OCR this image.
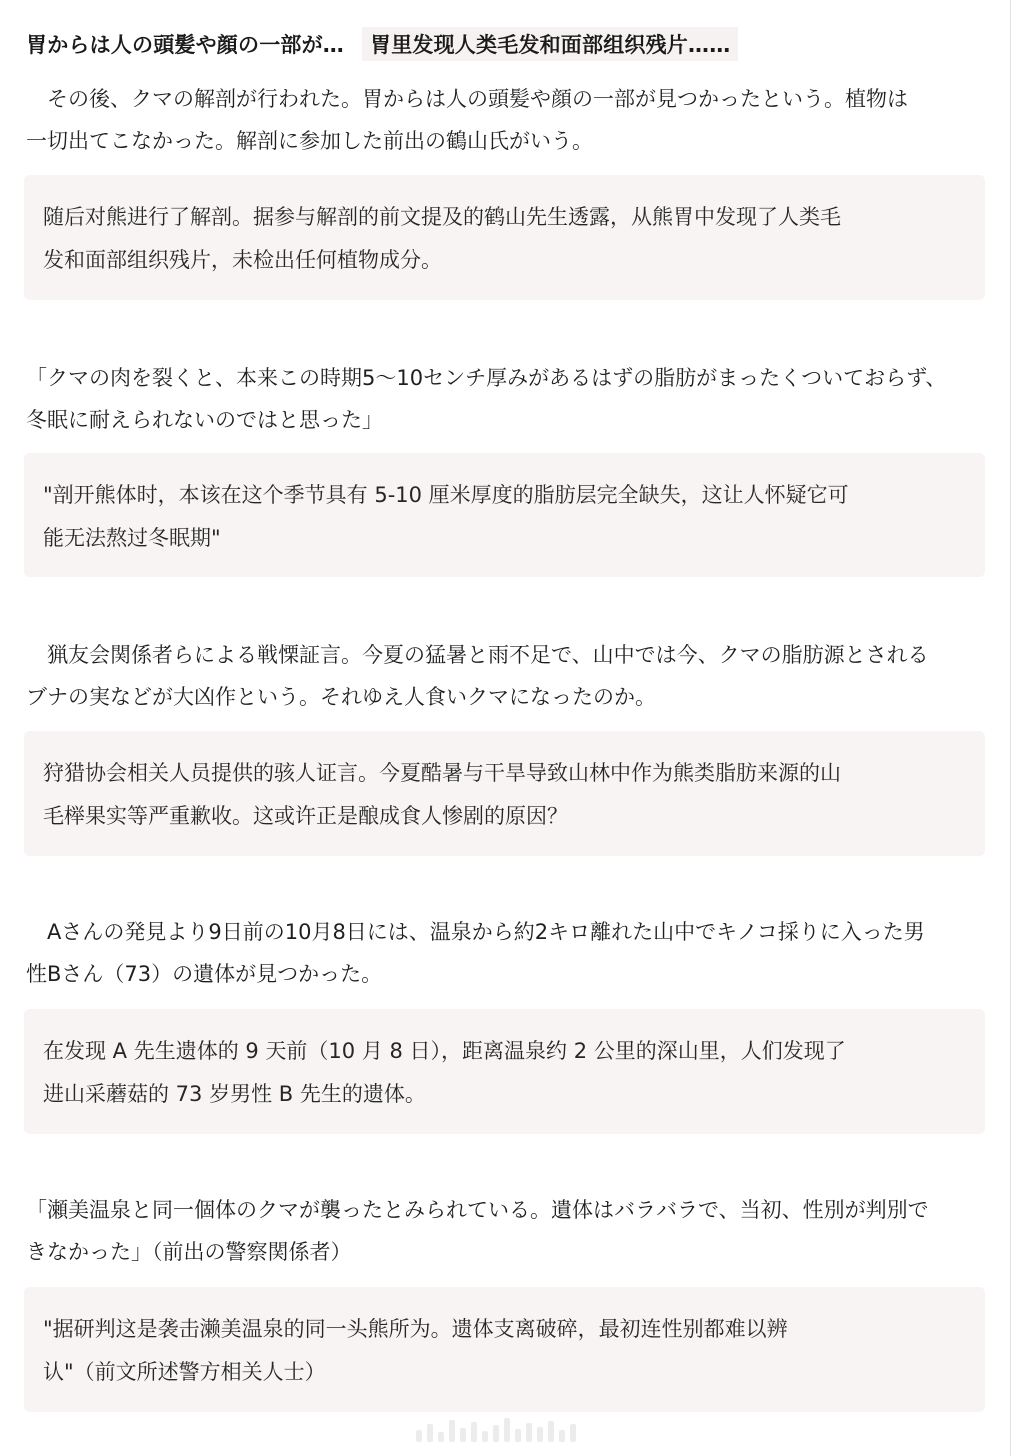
胃からは人の頭髪や顔の一部が…	胃里发现人类毛发和面部组织残片……
　その後、クマの解剖が行われた。胃からは人の頭髪や顔の一部が見つかったという。植物は
一切出てこなかった。解剖に参加した前出の鶴山氏がいう。
随后对熊进行了解剖。据参与解剖的前文提及的鹤山先生透露，从熊胃中发现了人类毛
发和面部组织残片，未检出任何植物成分。
「クマの肉を裂くと、本来この時期5～10センチ厚みがあるはずの脂肪がまったくついておらず、
冬眠に耐えられないのではと思った」
"剖开熊体时，本该在这个季节具有 5-10 厘米厚度的脂肪层完全缺失，这让人怀疑它可
能无法熬过冬眠期"
　猟友会関係者らによる戦慄証言。今夏の猛暑と雨不足で、山中では今、クマの脂肪源とされる
ブナの実などが大凶作という。それゆえ人食いクマになったのか。
狩猎协会相关人员提供的骇人证言。今夏酷暑与干旱导致山林中作为熊类脂肪来源的山
毛榉果实等严重歉收。这或许正是酿成食人惨剧的原因？
　Aさんの発見より9日前の10月8日には、温泉から約2キロ離れた山中でキノコ採りに入った男
性Bさん（73）の遺体が見つかった。
在发现 A 先生遗体的 9 天前（10 月 8 日），距离温泉约 2 公里的深山里，人们发现了
进山采蘑菇的 73 岁男性 B 先生的遗体。
「瀬美温泉と同一個体のクマが襲ったとみられている。遺体はバラバラで、当初、性別が判別で
きなかった」（前出の警察関係者）
"据研判这是袭击濑美温泉的同一头熊所为。遗体支离破碎，最初连性别都难以辨
认"（前文所述警方相关人士）
